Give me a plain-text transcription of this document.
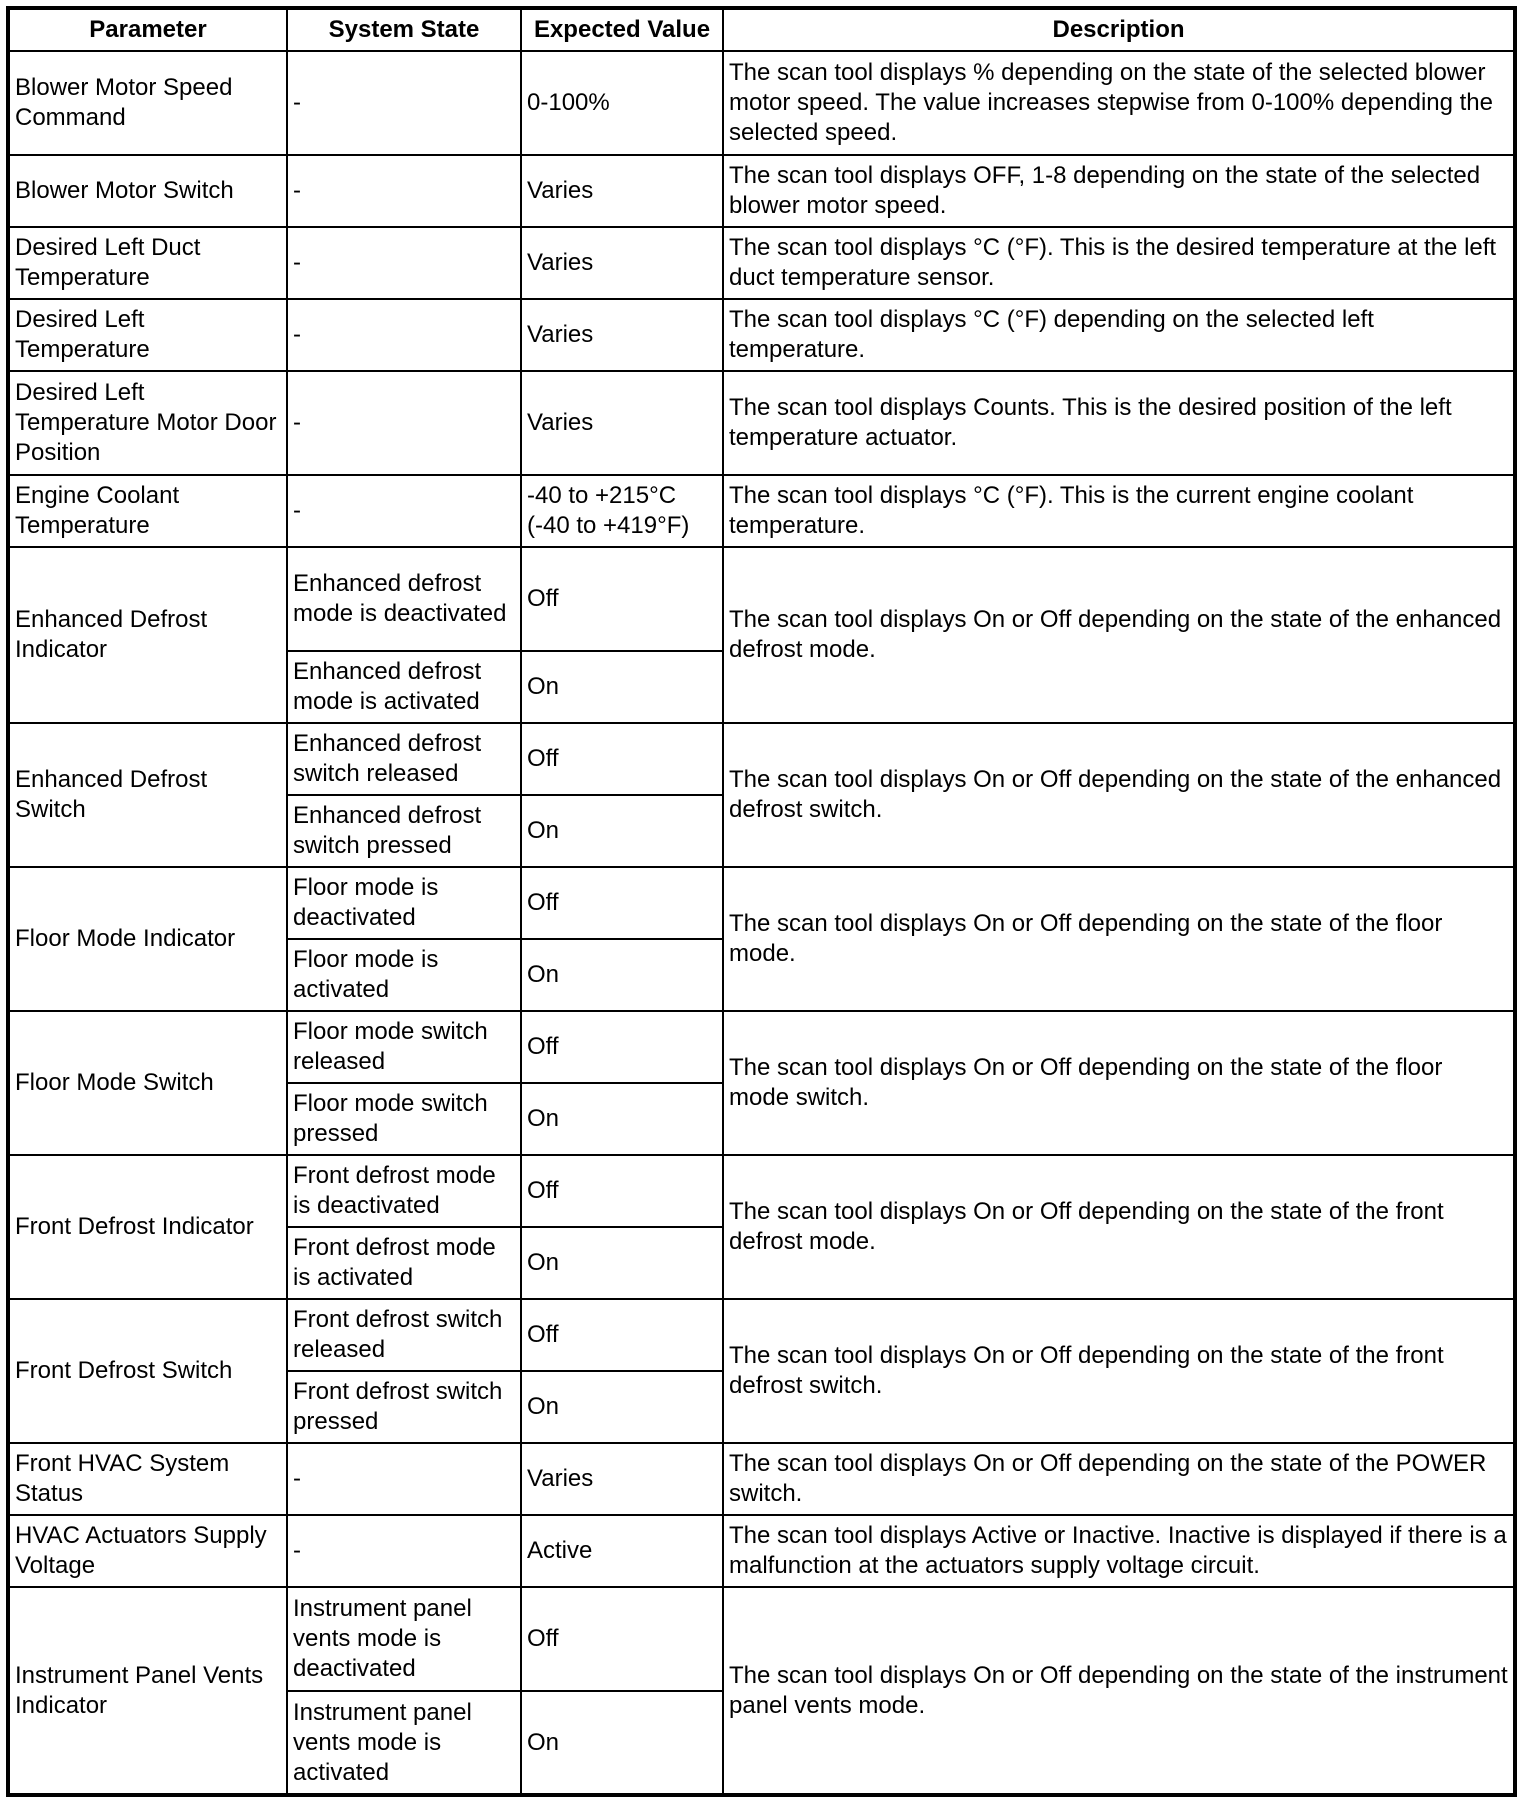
Parameter	System State	Expected Value	Description
Blower Motor Speed Command	-	0-100%	The scan tool displays % depending on the state of the selected blower motor speed. The value increases stepwise from 0-100% depending the selected speed.
Blower Motor Switch	-	Varies	The scan tool displays OFF, 1-8 depending on the state of the selected blower motor speed.
Desired Left Duct Temperature	-	Varies	The scan tool displays °C (°F). This is the desired temperature at the left duct temperature sensor.
Desired Left Temperature	-	Varies	The scan tool displays °C (°F) depending on the selected left temperature.
Desired Left Temperature Motor Door Position	-	Varies	The scan tool displays Counts. This is the desired position of the left temperature actuator.
Engine Coolant Temperature	-	-40 to +215°C (-40 to +419°F)	The scan tool displays °C (°F). This is the current engine coolant temperature.
Enhanced Defrost Indicator	Enhanced defrost mode is deactivated	Off	The scan tool displays On or Off depending on the state of the enhanced defrost mode.
	Enhanced defrost mode is activated	On	
Enhanced Defrost Switch	Enhanced defrost switch released	Off	The scan tool displays On or Off depending on the state of the enhanced defrost switch.
	Enhanced defrost switch pressed	On	
Floor Mode Indicator	Floor mode is deactivated	Off	The scan tool displays On or Off depending on the state of the floor mode.
	Floor mode is activated	On	
Floor Mode Switch	Floor mode switch released	Off	The scan tool displays On or Off depending on the state of the floor mode switch.
	Floor mode switch pressed	On	
Front Defrost Indicator	Front defrost mode is deactivated	Off	The scan tool displays On or Off depending on the state of the front defrost mode.
	Front defrost mode is activated	On	
Front Defrost Switch	Front defrost switch released	Off	The scan tool displays On or Off depending on the state of the front defrost switch.
	Front defrost switch pressed	On	
Front HVAC System Status	-	Varies	The scan tool displays On or Off depending on the state of the POWER switch.
HVAC Actuators Supply Voltage	-	Active	The scan tool displays Active or Inactive. Inactive is displayed if there is a malfunction at the actuators supply voltage circuit.
Instrument Panel Vents Indicator	Instrument panel vents mode is deactivated	Off	The scan tool displays On or Off depending on the state of the instrument panel vents mode.
	Instrument panel vents mode is activated	On	
